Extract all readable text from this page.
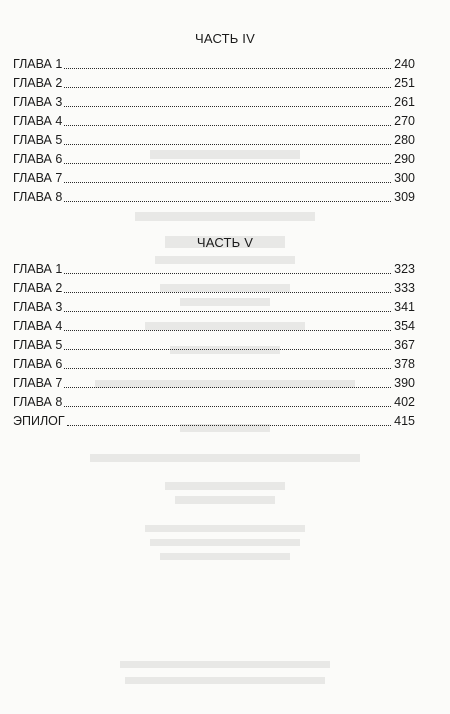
ЧАСТЬ IV
ГЛАВА 1	240
ГЛАВА 2	251
ГЛАВА 3	261
ГЛАВА 4	270
ГЛАВА 5	280
ГЛАВА 6	290
ГЛАВА 7	300
ГЛАВА 8	309
ЧАСТЬ V
ГЛАВА 1	323
ГЛАВА 2	333
ГЛАВА 3	341
ГЛАВА 4	354
ГЛАВА 5	367
ГЛАВА 6	378
ГЛАВА 7	390
ГЛАВА 8	402
ЭПИЛОГ	415
